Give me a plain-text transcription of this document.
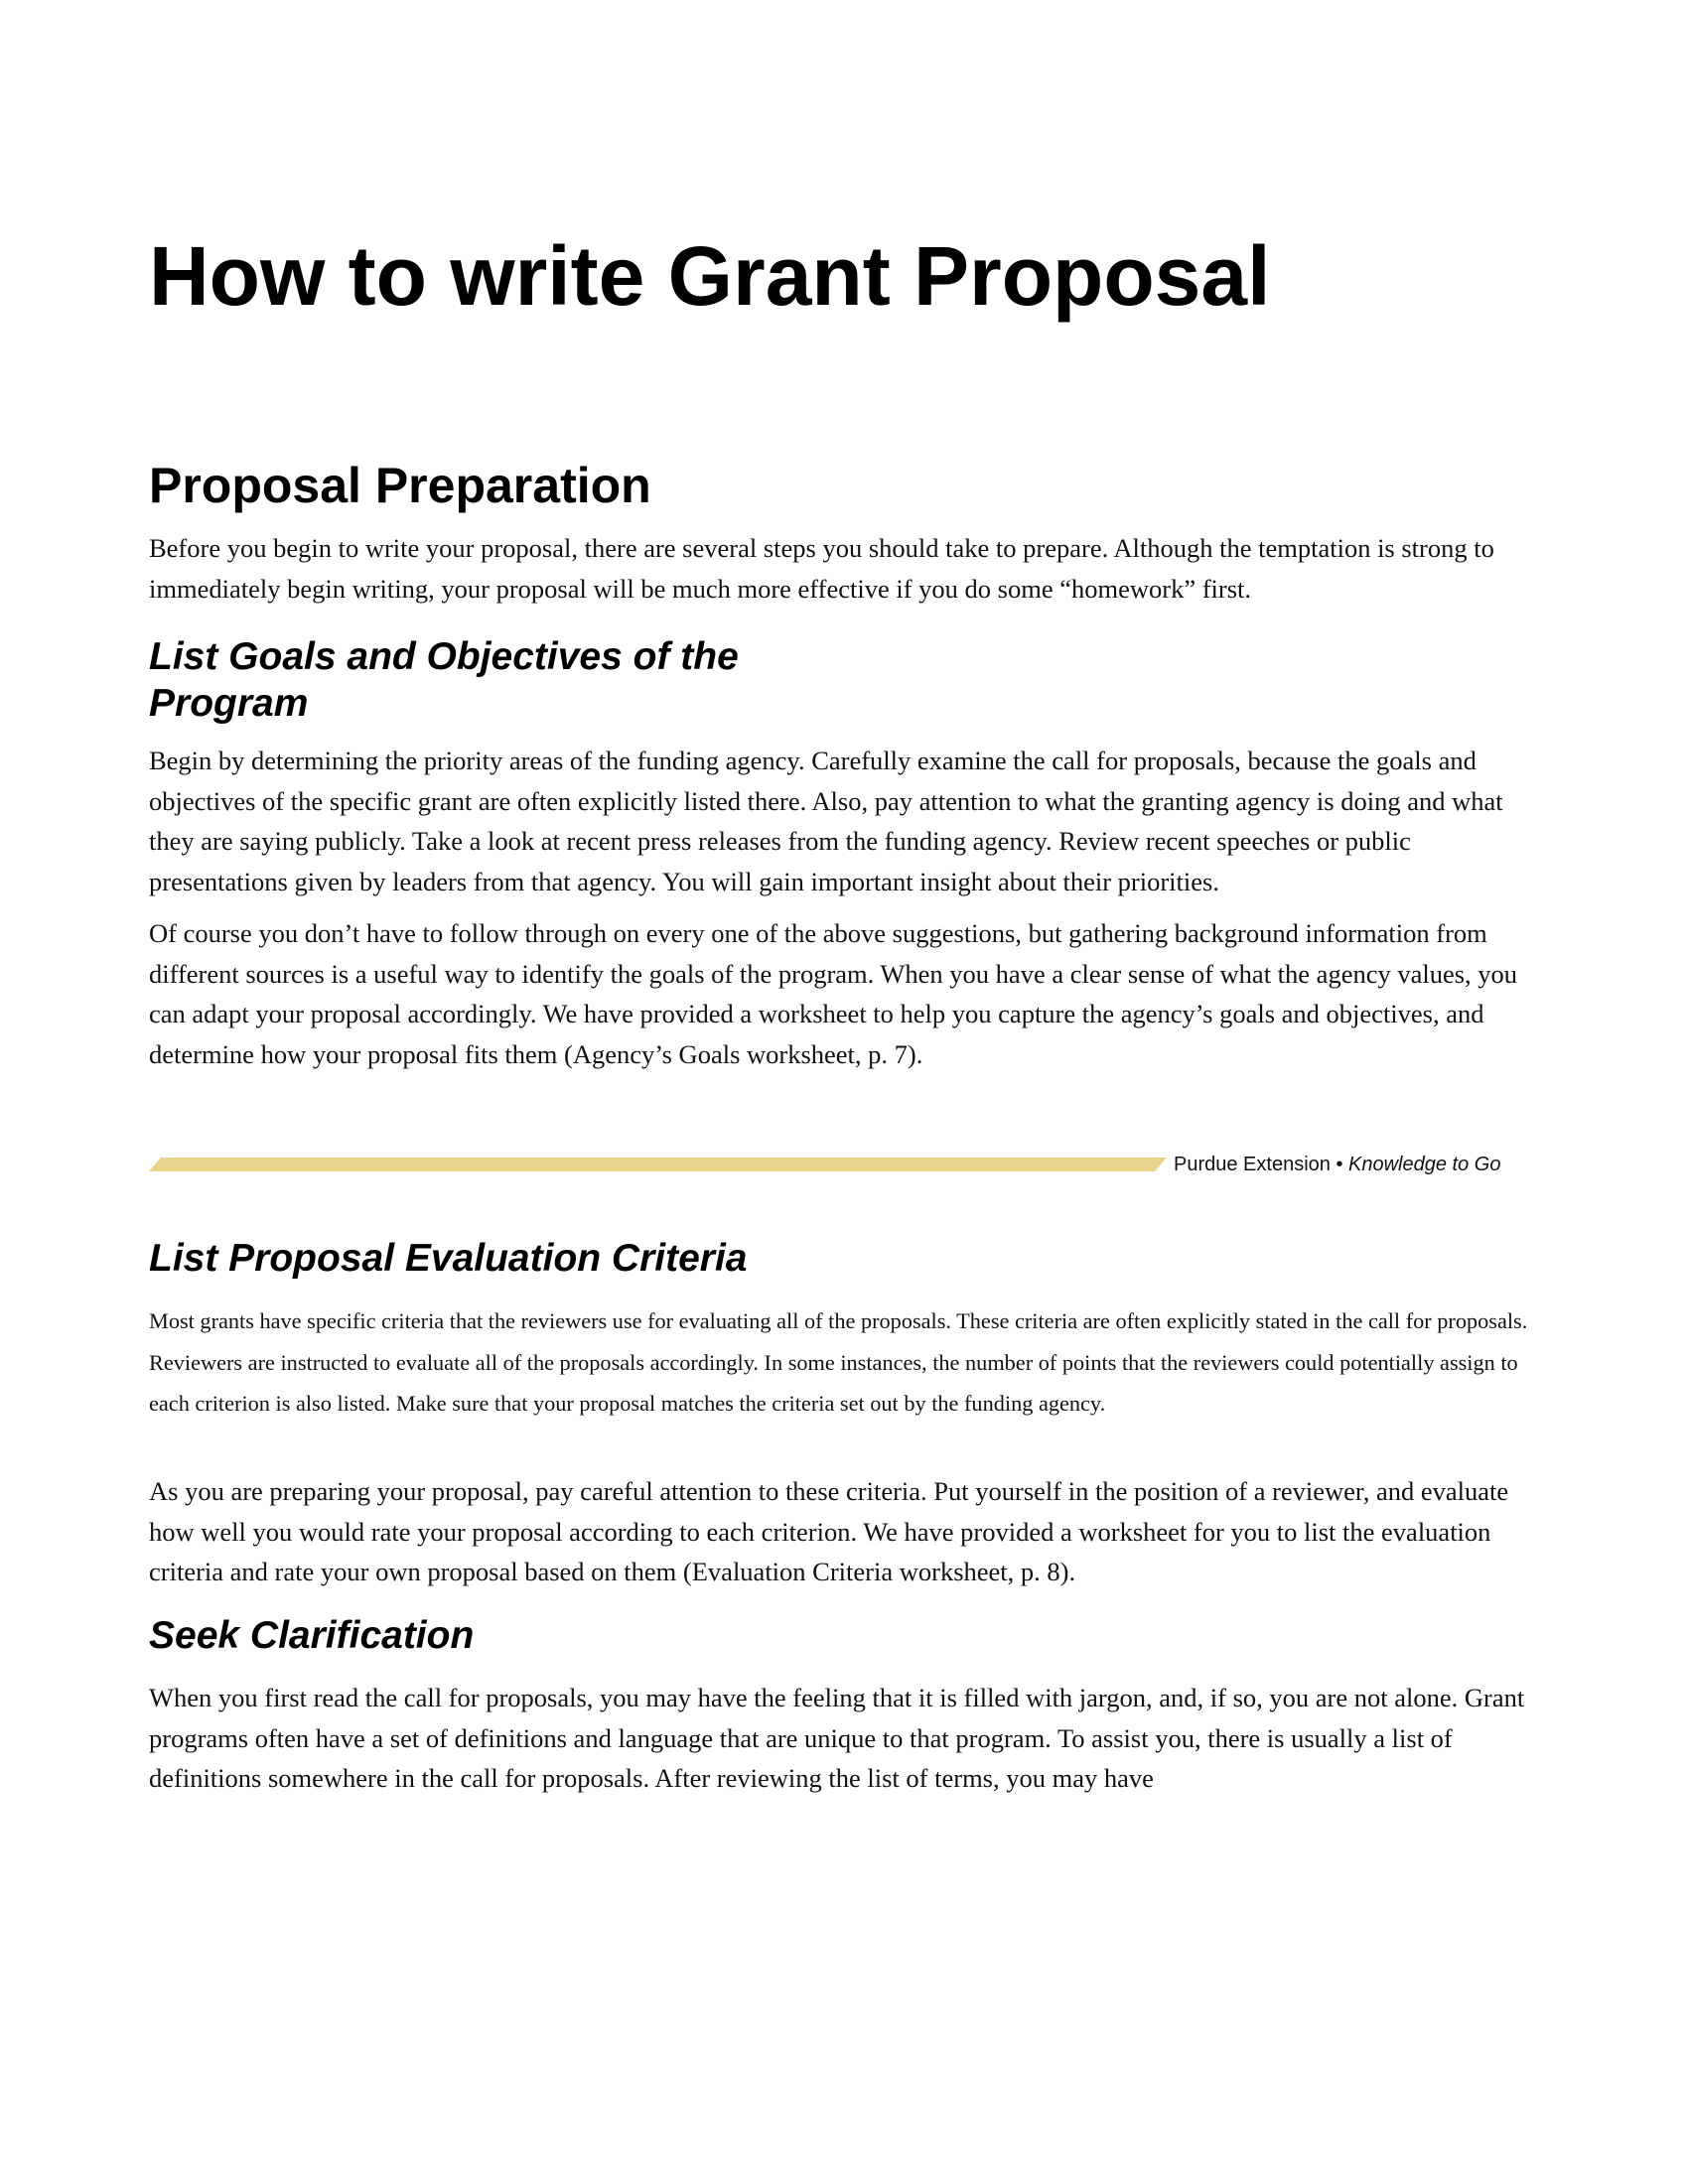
How to write Grant Proposal
Proposal Preparation

Before you begin to write your proposal, there are several steps you should take to prepare. Although the temptation is strong to immediately begin writing, your proposal will be much more effective if you do some “homework” first.

List Goals and Objectives of the
Program

Begin by determining the priority areas of the funding agency. Carefully examine the call for proposals, because the goals and objectives of the specific grant are often explicitly listed there. Also, pay attention to what the granting agency is doing and what they are saying publicly. Take a look at recent press releases from the funding agency. Review recent speeches or public presentations given by leaders from that agency. You will gain important insight about their priorities.

Of course you don’t have to follow through on every one of the above suggestions, but gathering background information from different sources is a useful way to identify the goals of the program. When you have a clear sense of what the agency values, you can adapt your proposal accordingly. We have provided a worksheet to help you capture the agency’s goals and objectives, and determine how your proposal fits them (Agency’s Goals worksheet, p. 7).

Purdue Extension • Knowledge to Go
List Proposal Evaluation Criteria

Most grants have specific criteria that the reviewers use for evaluating all of the proposals. These criteria are often explicitly stated in the call for proposals. Reviewers are instructed to evaluate all of the proposals accordingly. In some instances, the number of points that the reviewers could potentially assign to each criterion is also listed. Make sure that your proposal matches the criteria set out by the funding agency.

As you are preparing your proposal, pay careful attention to these criteria. Put yourself in the position of a reviewer, and evaluate how well you would rate your proposal according to each criterion. We have provided a worksheet for you to list the evaluation criteria and rate your own proposal based on them (Evaluation Criteria worksheet, p. 8).

Seek Clarification

When you first read the call for proposals, you may have the feeling that it is filled with jargon, and, if so, you are not alone. Grant programs often have a set of definitions and language that are unique to that program. To assist you, there is usually a list of definitions somewhere in the call for proposals. After reviewing the list of terms, you may have
